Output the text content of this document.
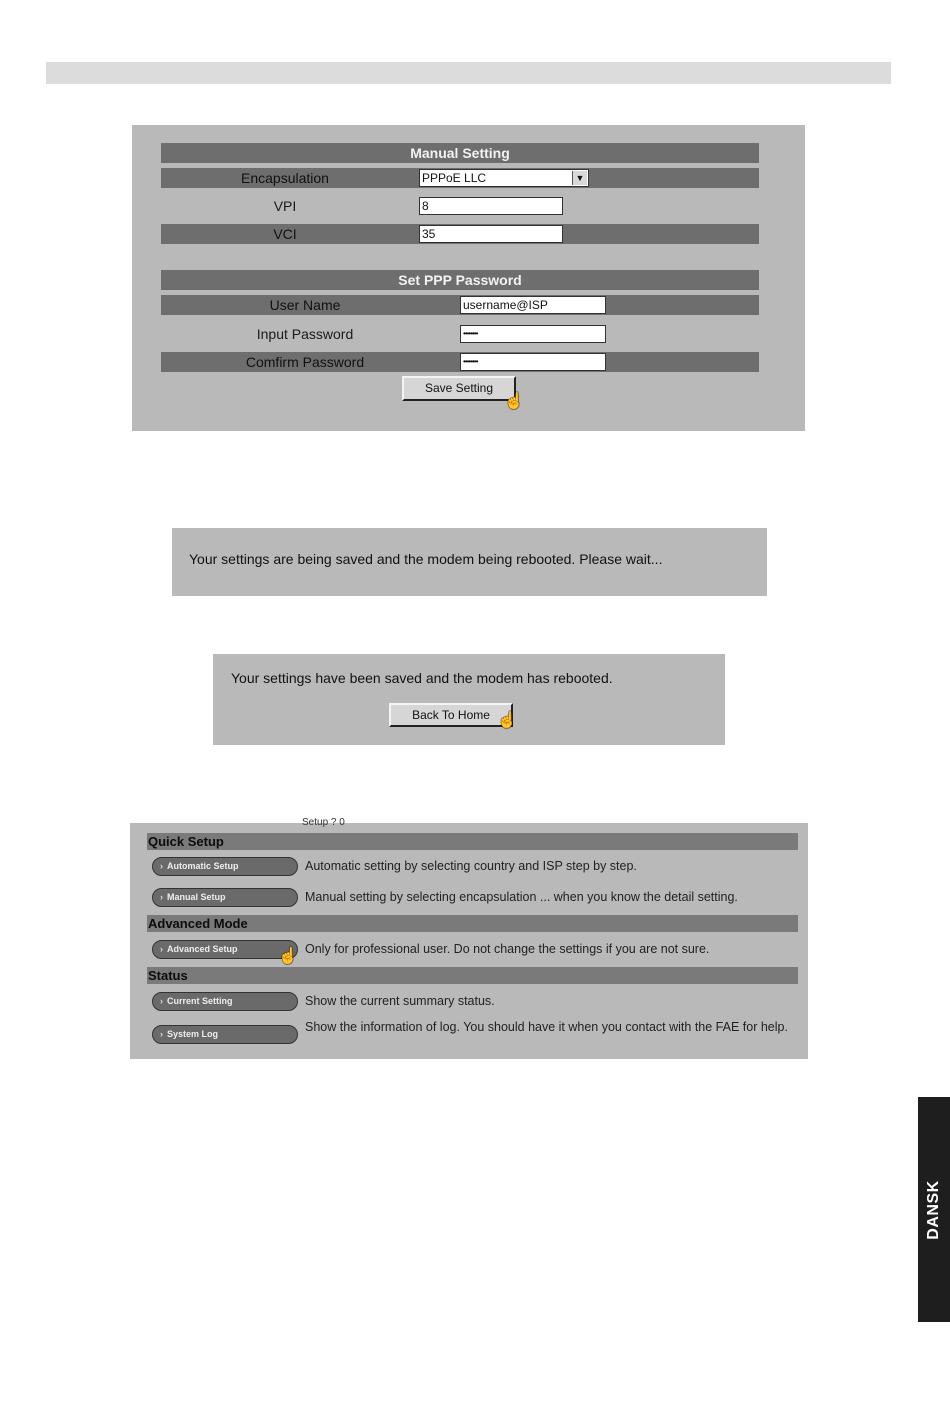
Manual Setting
Encapsulation	PPPoE LLC	▼
VPI	8
VCI	35
Set PPP Password
User Name	username@ISP
Input Password	••••••••
Comfirm Password	••••••••
Save Setting
☝
Your settings are being saved and the modem being rebooted. Please wait...
Your settings have been saved and the modem has rebooted.
Back To Home ☝
Setup ? 0
Quick Setup
› Automatic Setup	Automatic setting by selecting country and ISP step by step.
› Manual Setup	Manual setting by selecting encapsulation ... when you know the detail setting.
Advanced Mode
› Advanced Setup	Only for professional user. Do not change the settings if you are not sure.
☝
Status
› Current Setting	Show the current summary status.
› System Log	Show the information of log. You should have it when you contact with the FAE for help.
DANSK
